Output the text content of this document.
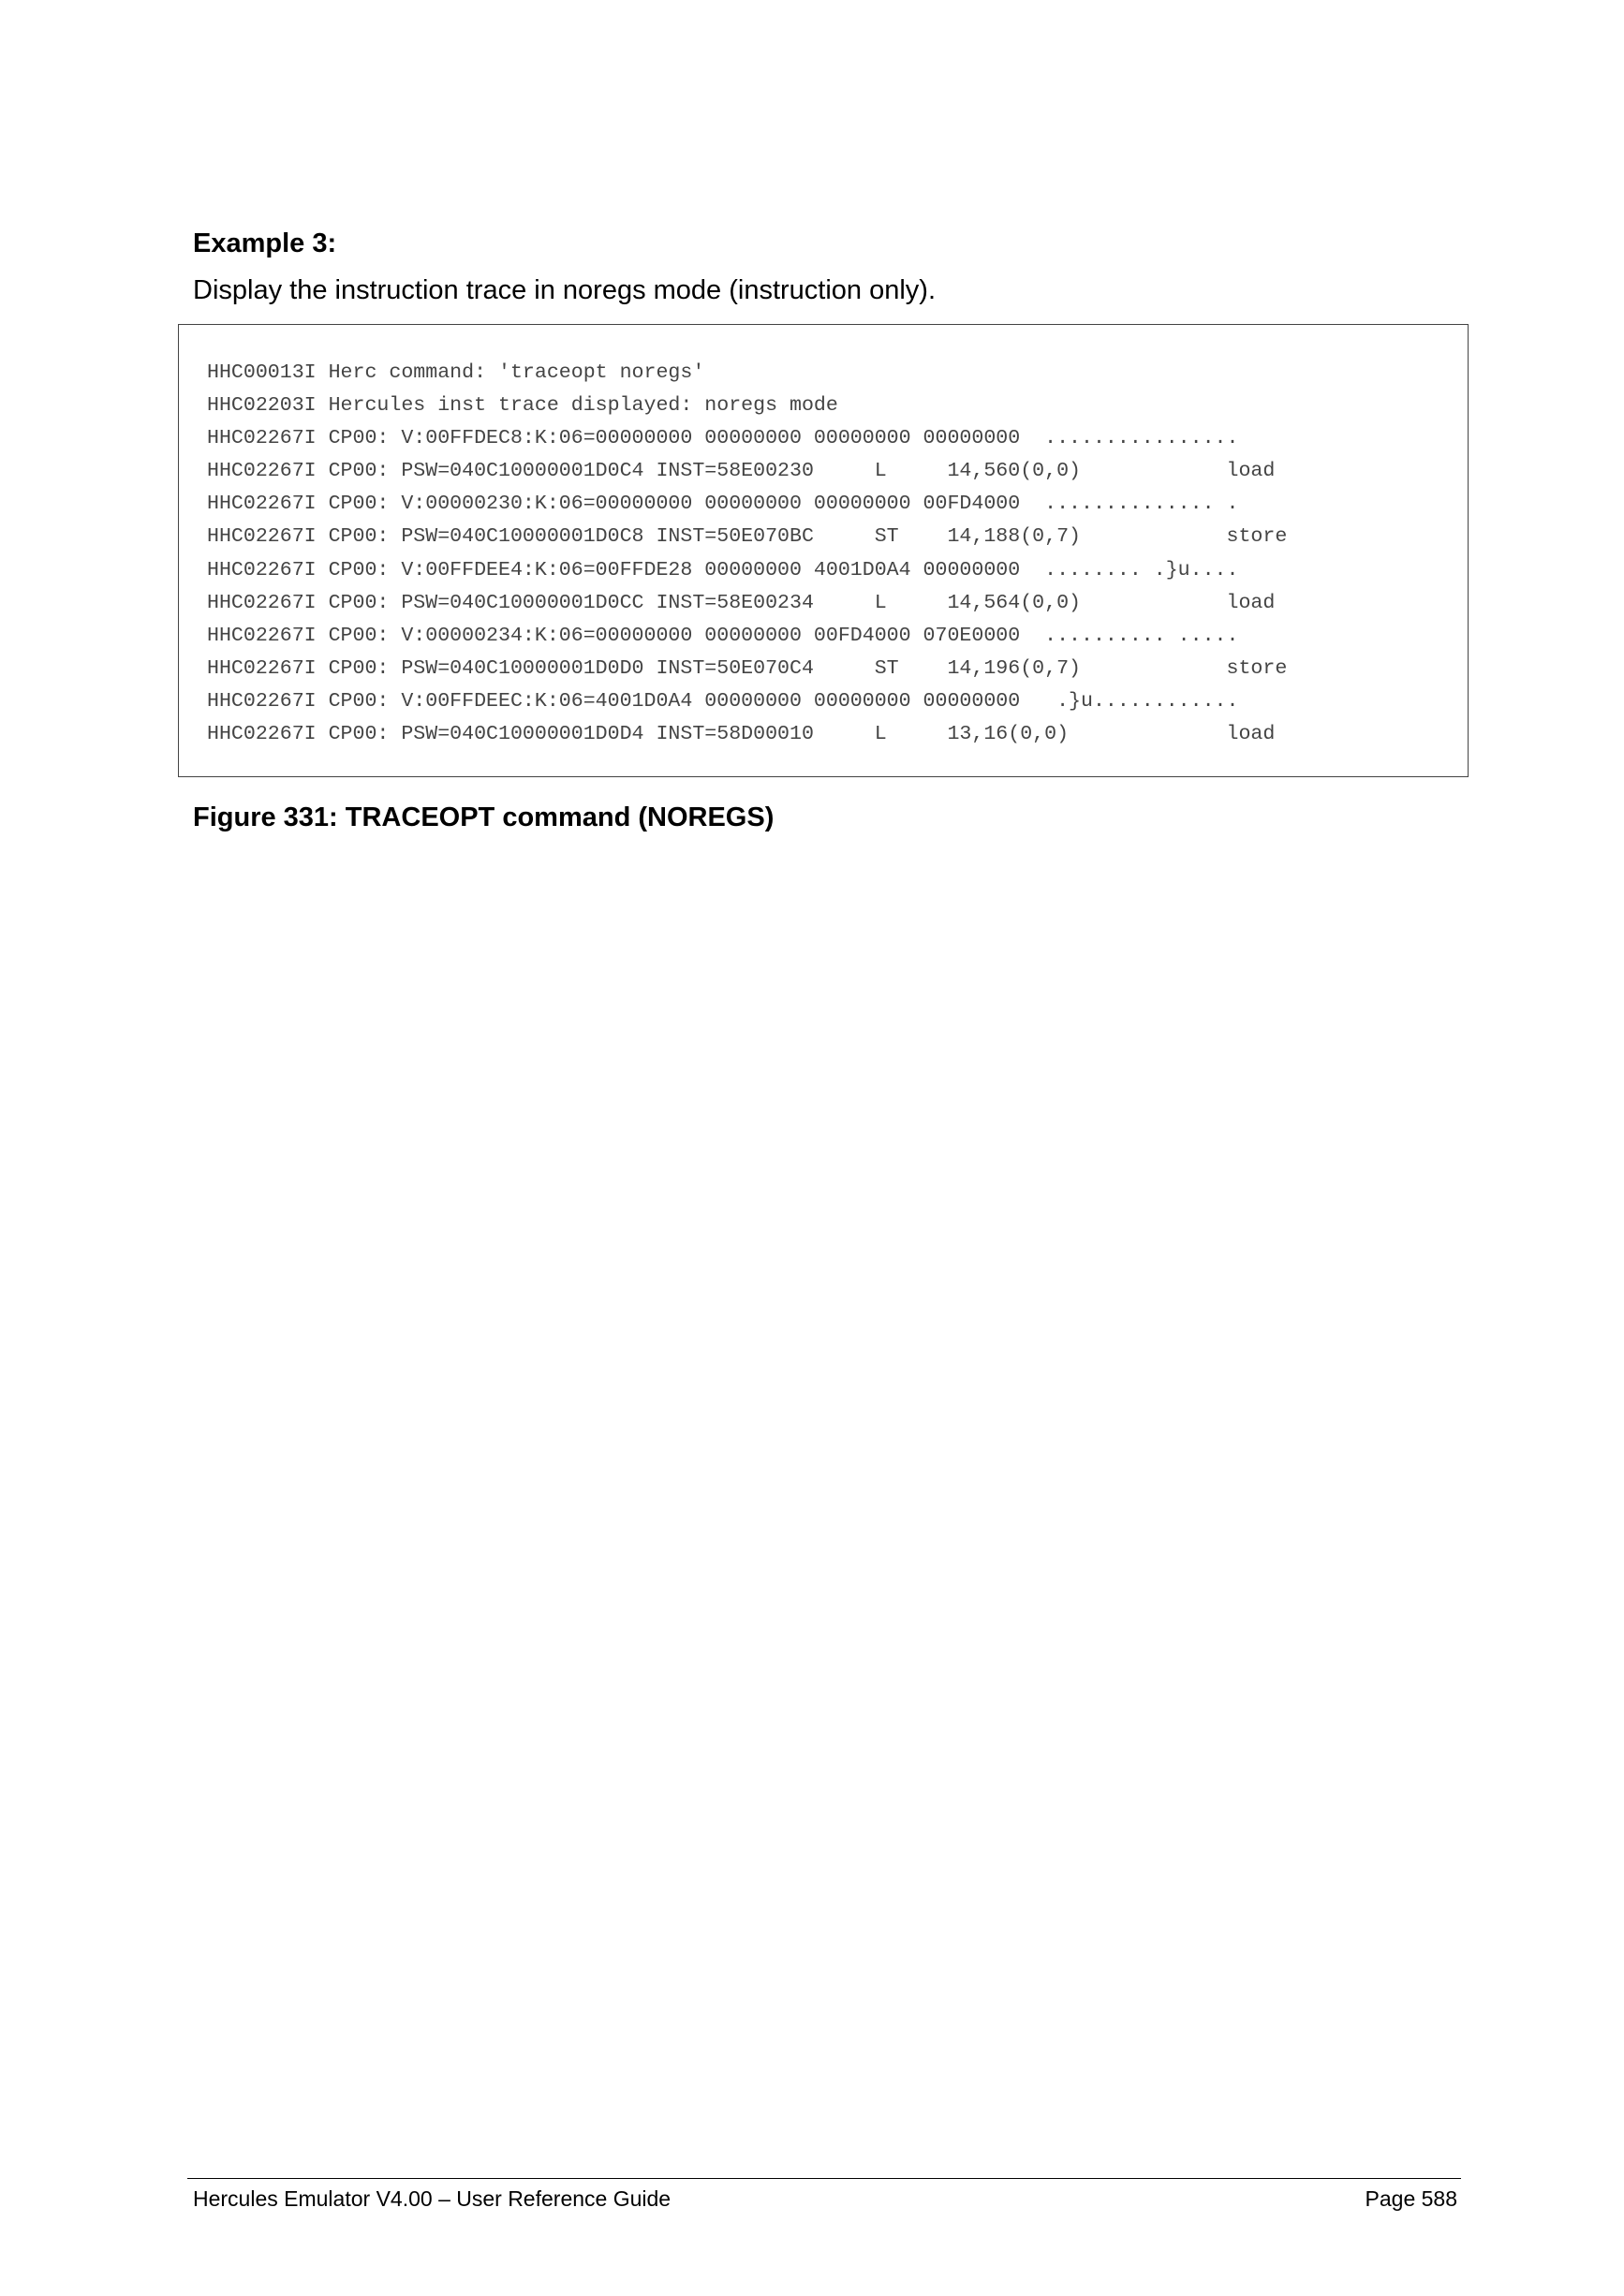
Example 3:

Display the instruction trace in noregs mode (instruction only).

HHC00013I Herc command: 'traceopt noregs'
HHC02203I Hercules inst trace displayed: noregs mode
HHC02267I CP00: V:00FFDEC8:K:06=00000000 00000000 00000000 00000000  ................
HHC02267I CP00: PSW=040C10000001D0C4 INST=58E00230     L     14,560(0,0)            load
HHC02267I CP00: V:00000230:K:06=00000000 00000000 00000000 00FD4000  .............. .
HHC02267I CP00: PSW=040C10000001D0C8 INST=50E070BC     ST    14,188(0,7)            store
HHC02267I CP00: V:00FFDEE4:K:06=00FFDE28 00000000 4001D0A4 00000000  ........ .}u....
HHC02267I CP00: PSW=040C10000001D0CC INST=58E00234     L     14,564(0,0)            load
HHC02267I CP00: V:00000234:K:06=00000000 00000000 00FD4000 070E0000  .......... .....
HHC02267I CP00: PSW=040C10000001D0D0 INST=50E070C4     ST    14,196(0,7)            store
HHC02267I CP00: V:00FFDEEC:K:06=4001D0A4 00000000 00000000 00000000   .}u............
HHC02267I CP00: PSW=040C10000001D0D4 INST=58D00010     L     13,16(0,0)             load

Figure 331: TRACEOPT command (NOREGS)

Hercules Emulator V4.00 – User Reference Guide	Page 588
